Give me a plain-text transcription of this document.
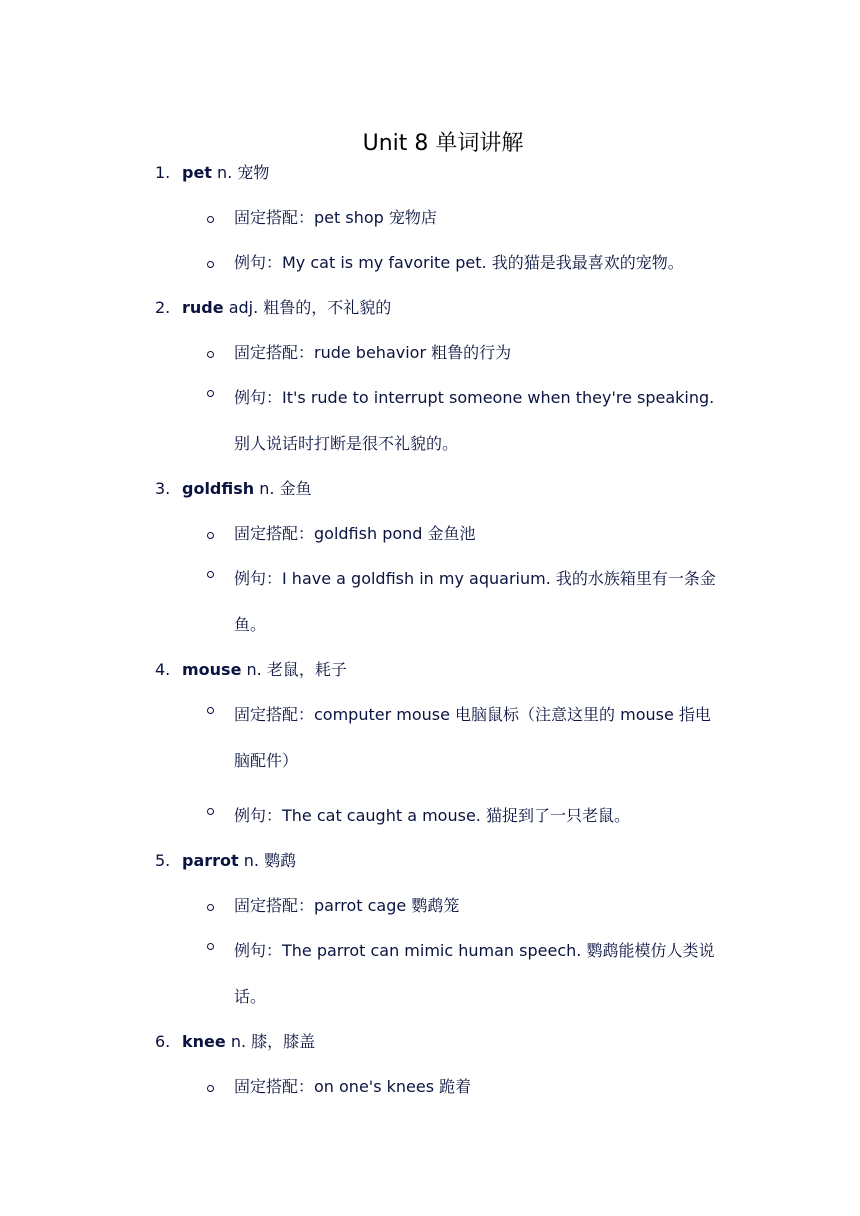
Unit 8 单词讲解
1. pet n. 宠物
固定搭配：pet shop 宠物店
例句：My cat is my favorite pet. 我的猫是我最喜欢的宠物。
2. rude adj. 粗鲁的，不礼貌的
固定搭配：rude behavior 粗鲁的行为
例句：It's rude to interrupt someone when they're speaking. 别人说话时打断是很不礼貌的。
3. goldfish n. 金鱼
固定搭配：goldfish pond 金鱼池
例句：I have a goldfish in my aquarium. 我的水族箱里有一条金鱼。
4. mouse n. 老鼠，耗子
固定搭配：computer mouse 电脑鼠标（注意这里的 mouse 指电脑配件）
例句：The cat caught a mouse. 猫捉到了一只老鼠。
5. parrot n. 鹦鹉
固定搭配：parrot cage 鹦鹉笼
例句：The parrot can mimic human speech. 鹦鹉能模仿人类说话。
6. knee n. 膝，膝盖
固定搭配：on one's knees 跪着
